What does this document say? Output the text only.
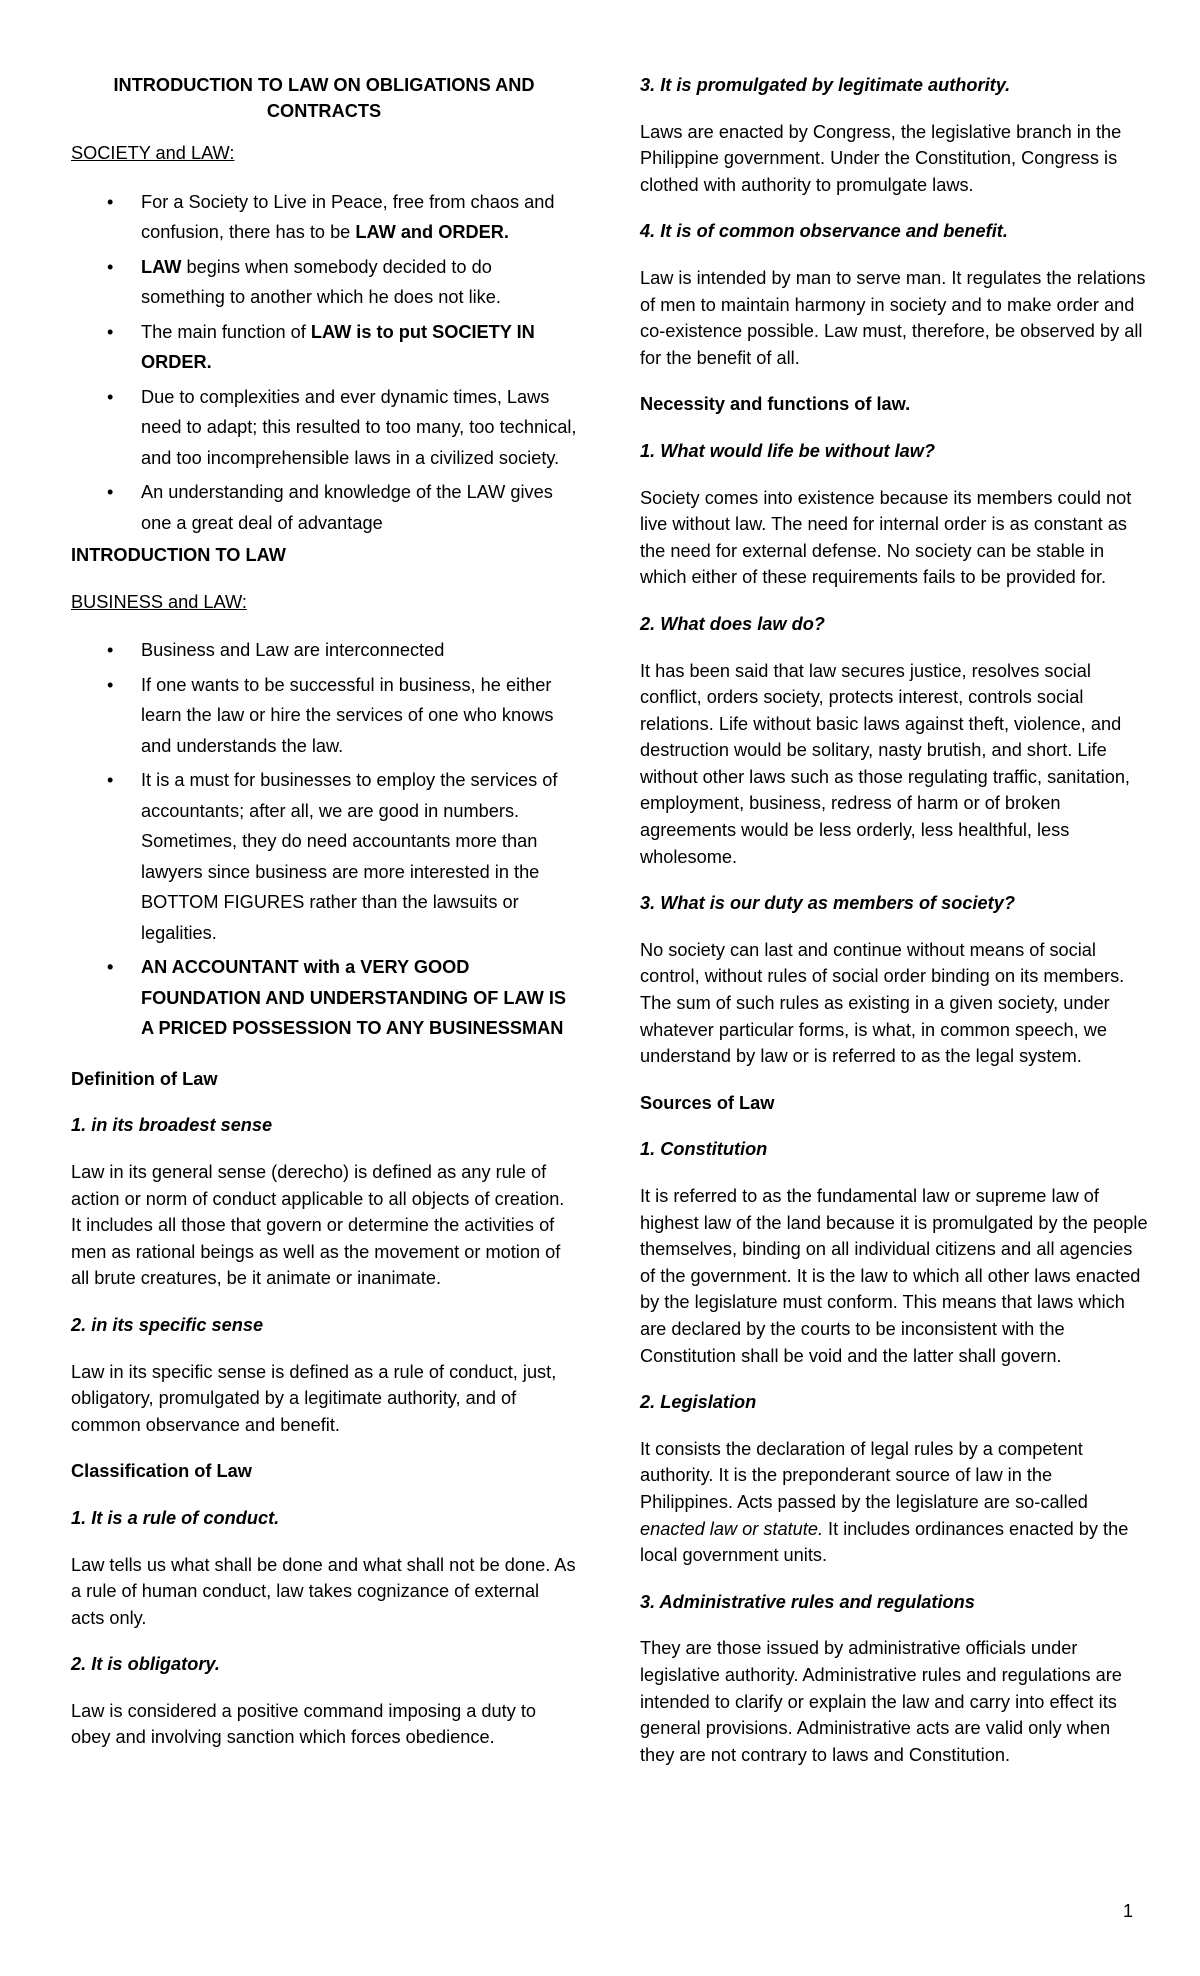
INTRODUCTION TO LAW ON OBLIGATIONS AND
CONTRACTS
SOCIETY and LAW:
• For a Society to Live in Peace, free from chaos and confusion, there has to be LAW and ORDER.
• LAW begins when somebody decided to do something to another which he does not like.
• The main function of LAW is to put SOCIETY IN ORDER.
• Due to complexities and ever dynamic times, Laws need to adapt; this resulted to too many, too technical, and too incomprehensible laws in a civilized society.
• An understanding and knowledge of the LAW gives one a great deal of advantage
INTRODUCTION TO LAW
BUSINESS and LAW:
• Business and Law are interconnected
• If one wants to be successful in business, he either learn the law or hire the services of one who knows and understands the law.
• It is a must for businesses to employ the services of accountants; after all, we are good in numbers. Sometimes, they do need accountants more than lawyers since business are more interested in the BOTTOM FIGURES rather than the lawsuits or legalities.
• AN ACCOUNTANT with a VERY GOOD FOUNDATION AND UNDERSTANDING OF LAW IS A PRICED POSSESSION TO ANY BUSINESSMAN
Definition of Law
1. in its broadest sense

Law in its general sense (derecho) is defined as any rule of action or norm of conduct applicable to all objects of creation. It includes all those that govern or determine the activities of men as rational beings as well as the movement or motion of all brute creatures, be it animate or inanimate.

2. in its specific sense

Law in its specific sense is defined as a rule of conduct, just, obligatory, promulgated by a legitimate authority, and of common observance and benefit.

Classification of Law
1. It is a rule of conduct.

Law tells us what shall be done and what shall not be done. As a rule of human conduct, law takes cognizance of external acts only.

2. It is obligatory.

Law is considered a positive command imposing a duty to obey and involving sanction which forces obedience.

3. It is promulgated by legitimate authority.

Laws are enacted by Congress, the legislative branch in the Philippine government. Under the Constitution, Congress is clothed with authority to promulgate laws.

4. It is of common observance and benefit.

Law is intended by man to serve man. It regulates the relations of men to maintain harmony in society and to make order and co-existence possible. Law must, therefore, be observed by all for the benefit of all.

Necessity and functions of law.
1. What would life be without law?

Society comes into existence because its members could not live without law. The need for internal order is as constant as the need for external defense. No society can be stable in which either of these requirements fails to be provided for.

2. What does law do?

It has been said that law secures justice, resolves social conflict, orders society, protects interest, controls social relations. Life without basic laws against theft, violence, and destruction would be solitary, nasty brutish, and short. Life without other laws such as those regulating traffic, sanitation, employment, business, redress of harm or of broken agreements would be less orderly, less healthful, less wholesome.

3. What is our duty as members of society?

No society can last and continue without means of social control, without rules of social order binding on its members. The sum of such rules as existing in a given society, under whatever particular forms, is what, in common speech, we understand by law or is referred to as the legal system.

Sources of Law
1. Constitution

It is referred to as the fundamental law or supreme law of highest law of the land because it is promulgated by the people themselves, binding on all individual citizens and all agencies of the government. It is the law to which all other laws enacted by the legislature must conform. This means that laws which are declared by the courts to be inconsistent with the Constitution shall be void and the latter shall govern.

2. Legislation

It consists the declaration of legal rules by a competent authority. It is the preponderant source of law in the Philippines. Acts passed by the legislature are so-called enacted law or statute. It includes ordinances enacted by the local government units.

3. Administrative rules and regulations

They are those issued by administrative officials under legislative authority. Administrative rules and regulations are intended to clarify or explain the law and carry into effect its general provisions. Administrative acts are valid only when they are not contrary to laws and Constitution.

1
